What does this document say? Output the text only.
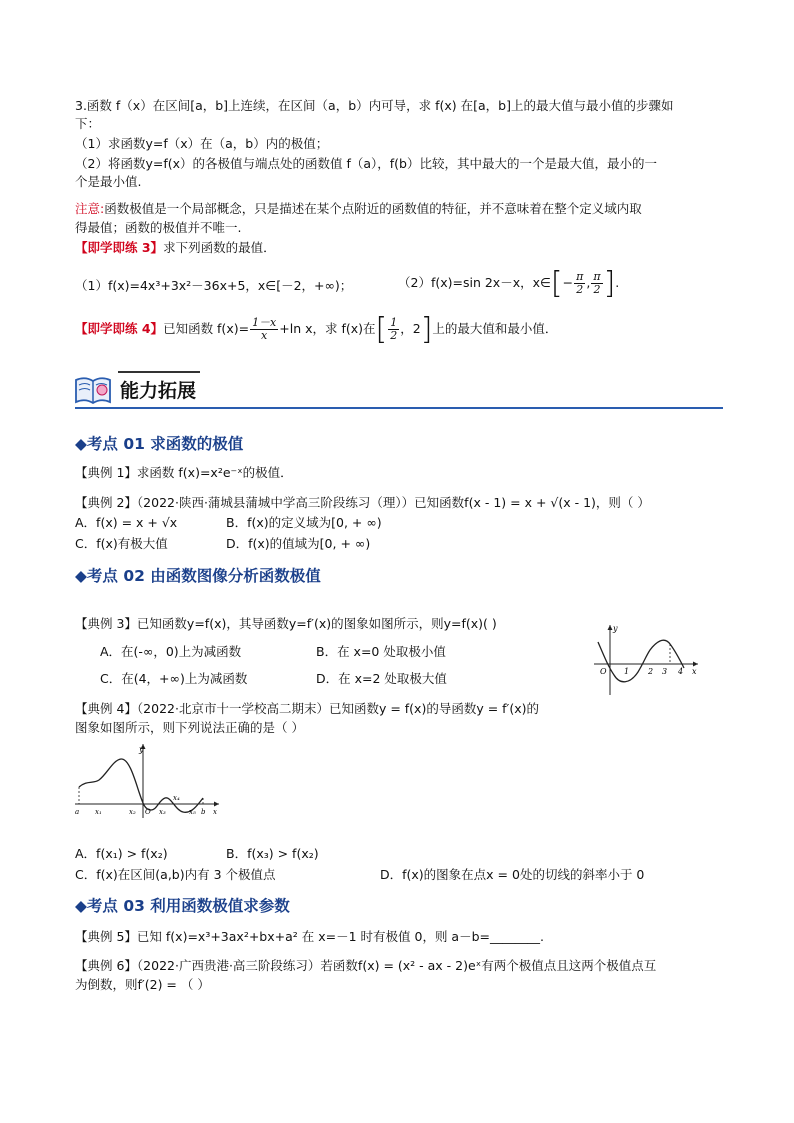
3.函数 f（x）在区间[a，b]上连续，在区间（a，b）内可导，求 f(x) 在[a，b]上的最大值与最小值的步骤如
下：
（1）求函数y=f（x）在（a，b）内的极值；
（2）将函数y=f(x）的各极值与端点处的函数值 f（a），f(b）比较，其中最大的一个是最大值，最小的一
个是最小值.
注意:函数极值是一个局部概念，只是描述在某个点附近的函数值的特征，并不意味着在整个定义域内取
得最值；函数的极值并不唯一.
【即学即练 3】求下列函数的最值．
（1）f(x)=4x³+3x²－36x+5，x∈[－2，+∞)；	（2）f(x)=sin 2x－x，x∈[− $\frac{\pi}{2}$ , $\frac{\pi}{2}$ ].
【即学即练 4】已知函数 $f(x)= \frac{1-x}{x} +\ln$ x，求 f(x)在[ $\frac{1}{2}$ ，2]上的最大值和最小值．
能力拓展
◆考点 01 求函数的极值
【典例 1】求函数 f(x)=x²e⁻ˣ的极值．
【典例 2】（2022·陕西·蒲城县蒲城中学高三阶段练习（理））已知函数f(x - 1) = x + √(x - 1)，则（ ）
A．f(x) = x + √x	B．f(x)的定义域为[0, + ∞)
C．f(x)有极大值	D．f(x)的值域为[0, + ∞)
◆考点 02 由函数图像分析函数极值
【典例 3】已知函数y=f(x)，其导函数y=f′(x)的图象如图所示，则y=f(x)( )
A．在(-∞，0)上为减函数	B．在 x=0 处取极小值
C．在(4，+∞)上为减函数	D．在 x=2 处取极大值
y
O 1 2 3 4 x
【典例 4】（2022·北京市十一学校高二期末）已知函数y = f(x)的导函数y = f′(x)的
图象如图所示，则下列说法正确的是（ ）
y
a x₁	x₂ O x₃
x₄
x₅ b x
A．f(x₁) > f(x₂)	B．f(x₃) > f(x₂)
C．f(x)在区间(a,b)内有 3 个极值点	D．f(x)的图象在点x = 0处的切线的斜率小于 0
◆考点 03 利用函数极值求参数
【典例 5】已知 f(x)=x³+3ax²+bx+a² 在 x=－1 时有极值 0，则 a－b=________.
【典例 6】（2022·广西贵港·高三阶段练习）若函数f(x) = (x² - ax - 2)eˣ有两个极值点且这两个极值点互
为倒数，则f′(2) = （ ）
